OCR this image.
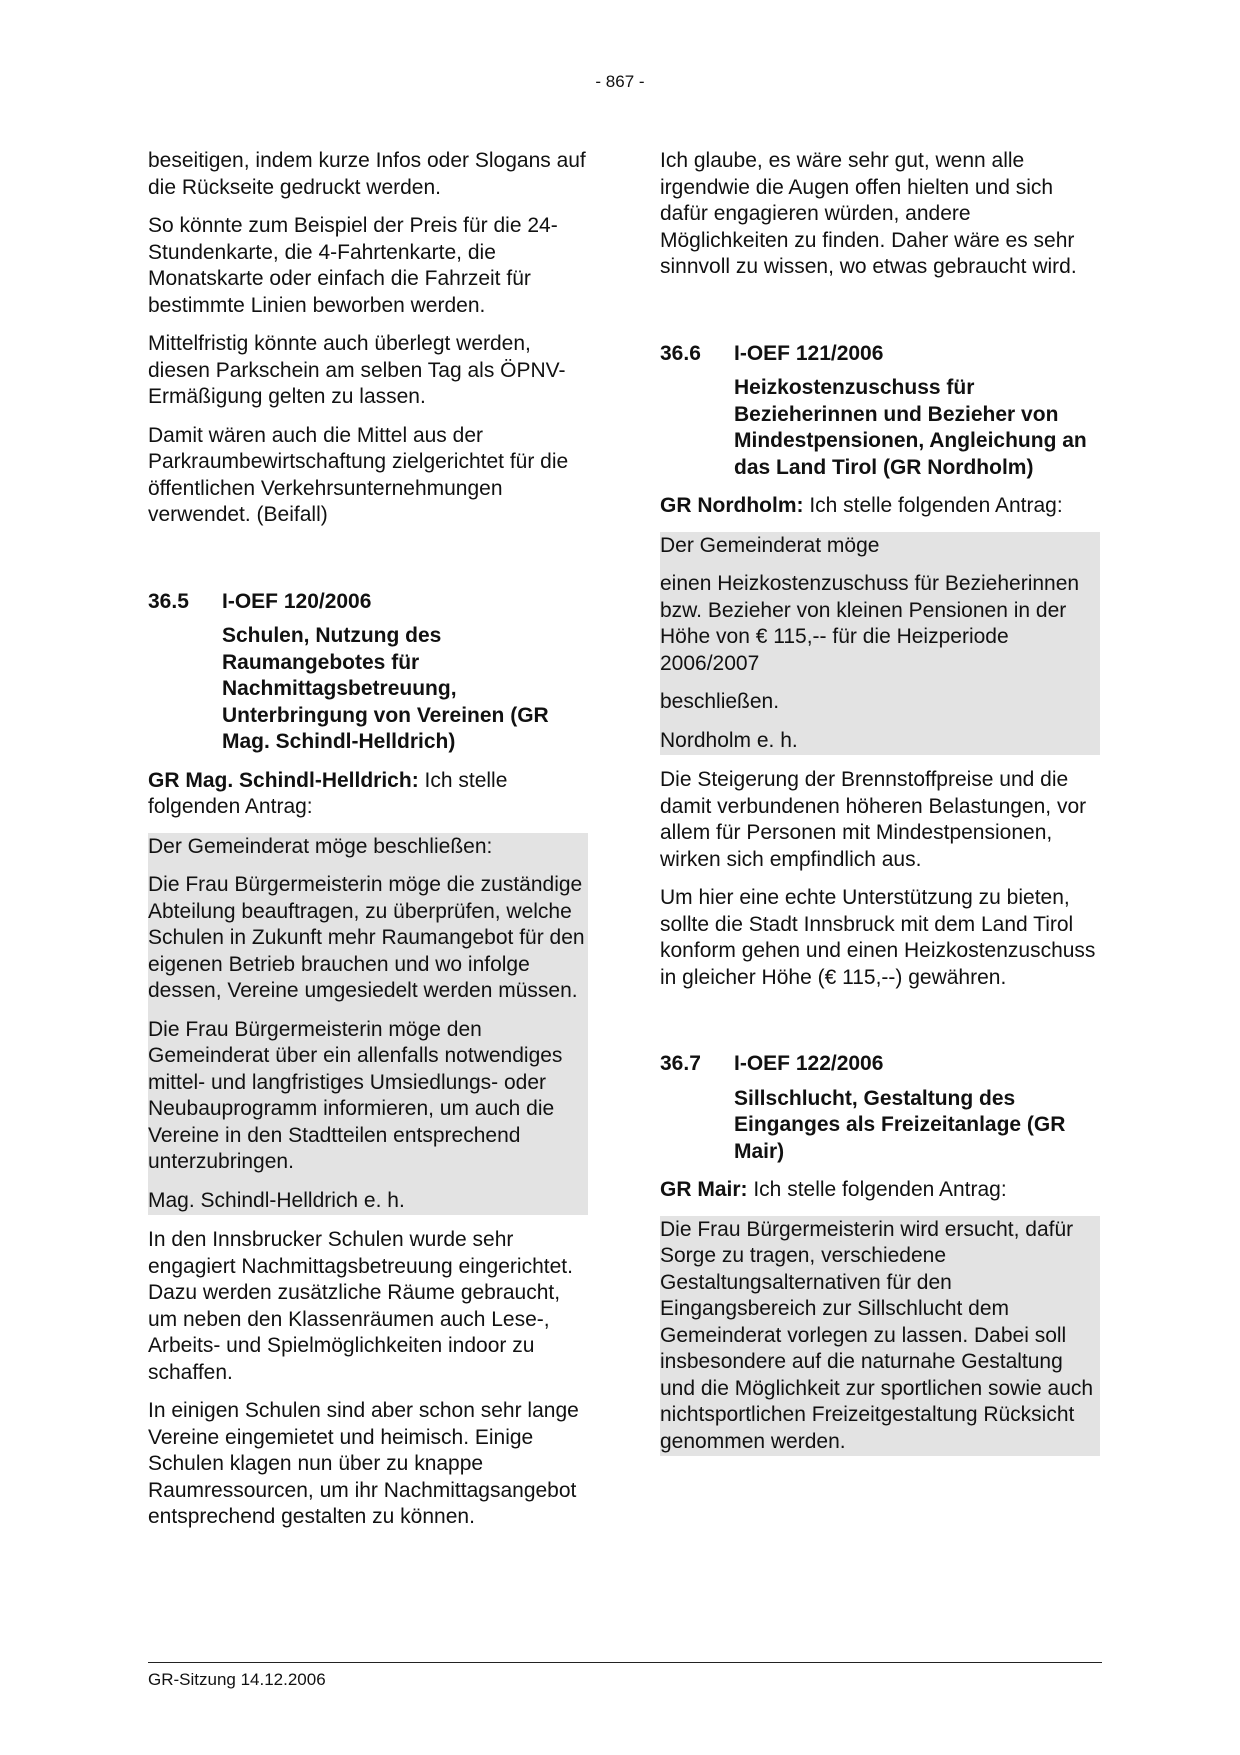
- 867 -

beseitigen, indem kurze Infos oder Slogans auf die Rückseite gedruckt werden.

So könnte zum Beispiel der Preis für die 24-Stundenkarte, die 4-Fahrtenkarte, die Monatskarte oder einfach die Fahrzeit für bestimmte Linien beworben werden.

Mittelfristig könnte auch überlegt werden, diesen Parkschein am selben Tag als ÖPNV-Ermäßigung gelten zu lassen.

Damit wären auch die Mittel aus der Parkraumbewirtschaftung zielgerichtet für die öffentlichen Verkehrsunternehmungen verwendet. (Beifall)

36.5	I-OEF 120/2006
Schulen, Nutzung des Raumangebotes für Nachmittagsbetreuung, Unterbringung von Vereinen (GR Mag. Schindl-Helldrich)

GR Mag. Schindl-Helldrich: Ich stelle folgenden Antrag:

Der Gemeinderat möge beschließen:

Die Frau Bürgermeisterin möge die zuständige Abteilung beauftragen, zu überprüfen, welche Schulen in Zukunft mehr Raumangebot für den eigenen Betrieb brauchen und wo infolge dessen, Vereine umgesiedelt werden müssen.

Die Frau Bürgermeisterin möge den Gemeinderat über ein allenfalls notwendiges mittel- und langfristiges Umsiedlungs- oder Neubauprogramm informieren, um auch die Vereine in den Stadtteilen entsprechend unterzubringen.

Mag. Schindl-Helldrich e. h.

In den Innsbrucker Schulen wurde sehr engagiert Nachmittagsbetreuung eingerichtet. Dazu werden zusätzliche Räume gebraucht, um neben den Klassenräumen auch Lese-, Arbeits- und Spielmöglichkeiten indoor zu schaffen.

In einigen Schulen sind aber schon sehr lange Vereine eingemietet und heimisch. Einige Schulen klagen nun über zu knappe Raumressourcen, um ihr Nachmittagsangebot entsprechend gestalten zu können.

Ich glaube, es wäre sehr gut, wenn alle irgendwie die Augen offen hielten und sich dafür engagieren würden, andere Möglichkeiten zu finden. Daher wäre es sehr sinnvoll zu wissen, wo etwas gebraucht wird.

36.6	I-OEF 121/2006
Heizkostenzuschuss für Bezieherinnen und Bezieher von Mindestpensionen, Angleichung an das Land Tirol (GR Nordholm)

GR Nordholm: Ich stelle folgenden Antrag:

Der Gemeinderat möge

einen Heizkostenzuschuss für Bezieherinnen bzw. Bezieher von kleinen Pensionen in der Höhe von € 115,-- für die Heizperiode 2006/2007

beschließen.

Nordholm e. h.

Die Steigerung der Brennstoffpreise und die damit verbundenen höheren Belastungen, vor allem für Personen mit Mindestpensionen, wirken sich empfindlich aus.

Um hier eine echte Unterstützung zu bieten, sollte die Stadt Innsbruck mit dem Land Tirol konform gehen und einen Heizkostenzuschuss in gleicher Höhe (€ 115,--) gewähren.

36.7	I-OEF 122/2006
Sillschlucht, Gestaltung des Einganges als Freizeitanlage (GR Mair)

GR Mair: Ich stelle folgenden Antrag:

Die Frau Bürgermeisterin wird ersucht, dafür Sorge zu tragen, verschiedene Gestaltungsalternativen für den Eingangsbereich zur Sillschlucht dem Gemeinderat vorlegen zu lassen. Dabei soll insbesondere auf die naturnahe Gestaltung und die Möglichkeit zur sportlichen sowie auch nichtsportlichen Freizeitgestaltung Rücksicht genommen werden.

GR-Sitzung 14.12.2006
